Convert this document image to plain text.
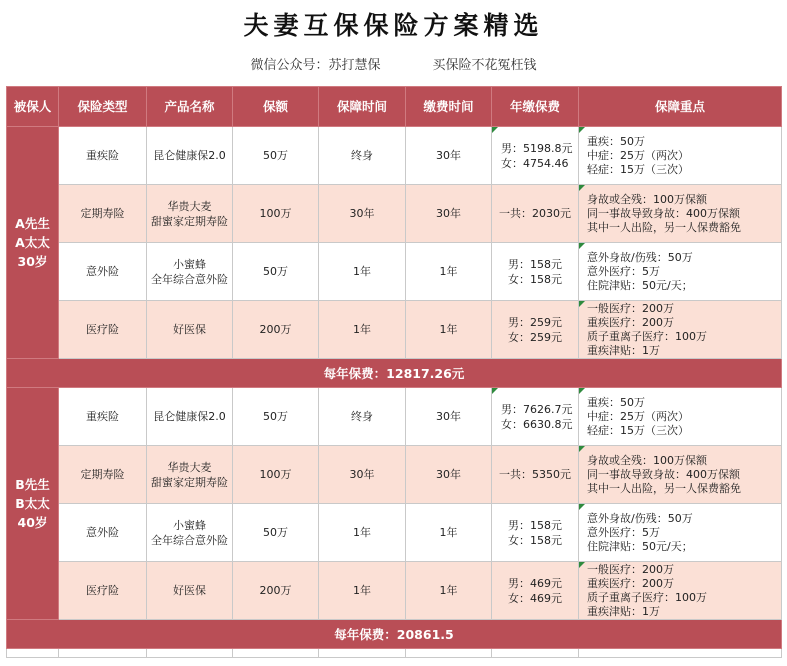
夫妻互保保险方案精选
微信公众号：苏打慧保	买保险不花冤枉钱
被保人	保险类型	产品名称	保额	保障时间	缴费时间	年缴保费	保障重点

A先生
A太太
30岁	重疾险	昆仑健康保2.0	50万	终身	30年	男：5198.8元
女：4754.46	重疾：50万
中症：25万（两次）
轻症：15万（三次）

	定期寿险	华贵大麦
甜蜜家定期寿险	100万	30年	30年	一共：2030元	身故或全残：100万保额
同一事故导致身故：400万保额
其中一人出险，另一人保费豁免

	意外险	小蜜蜂
全年综合意外险	50万	1年	1年	男：158元
女：158元	意外身故/伤残：50万
意外医疗：5万
住院津贴：50元/天；

	医疗险	好医保	200万	1年	1年	男：259元
女：259元	一般医疗：200万
重疾医疗：200万
质子重离子医疗：100万
重疾津贴：1万

每年保费：12817.26元							

B先生
B太太
40岁	重疾险	昆仑健康保2.0	50万	终身	30年	男：7626.7元
女：6630.8元	重疾：50万
中症：25万（两次）
轻症：15万（三次）

	定期寿险	华贵大麦
甜蜜家定期寿险	100万	30年	30年	一共：5350元	身故或全残：100万保额
同一事故导致身故：400万保额
其中一人出险，另一人保费豁免

	意外险	小蜜蜂
全年综合意外险	50万	1年	1年	男：158元
女：158元	意外身故/伤残：50万
意外医疗：5万
住院津贴：50元/天；

	医疗险	好医保	200万	1年	1年	男：469元
女：469元	一般医疗：200万
重疾医疗：200万
质子重离子医疗：100万
重疾津贴：1万

每年保费：20861.5							
